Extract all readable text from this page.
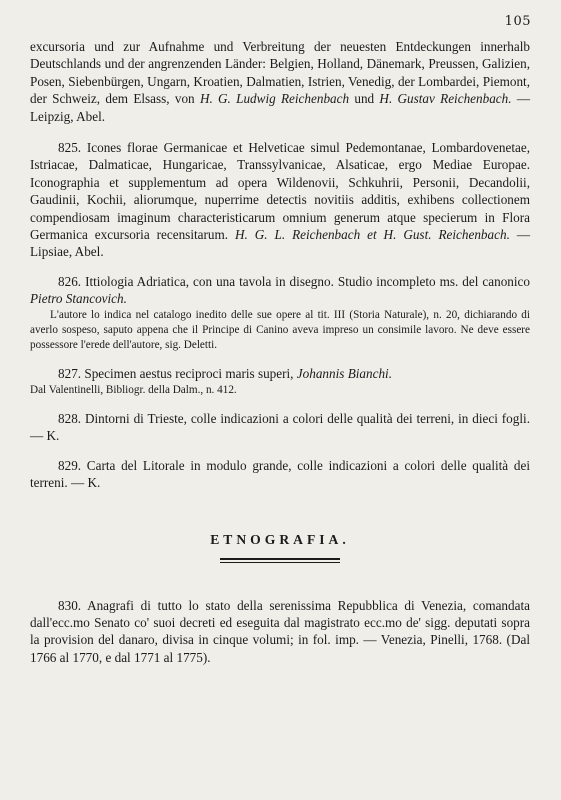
105

excursoria und zur Aufnahme und Verbreitung der neuesten Entdeckungen innerhalb Deutschlands und der angrenzenden Länder: Belgien, Holland, Dänemark, Preussen, Galizien, Posen, Siebenbürgen, Ungarn, Kroatien, Dalmatien, Istrien, Venedig, der Lombardei, Piemont, der Schweiz, dem Elsass, von H. G. Ludwig Reichenbach und H. Gustav Reichenbach. — Leipzig, Abel.

825. Icones florae Germanicae et Helveticae simul Pedemontanae, Lombardovenetae, Istriacae, Dalmaticae, Hungaricae, Transsylvanicae, Alsaticae, ergo Mediae Europae. Iconographia et supplementum ad opera Wildenovii, Schkuhrii, Personii, Decandolii, Gaudinii, Kochii, aliorumque, nuperrime detectis novitiis additis, exhibens collectionem compendiosam imaginum characteristicarum omnium generum atque specierum in Flora Germanica excursoria recensitarum. H. G. L. Reichenbach et H. Gust. Reichenbach. — Lipsiae, Abel.

826. Ittiologia Adriatica, con una tavola in disegno. Studio incompleto ms. del canonico Pietro Stancovich.

L'autore lo indica nel catalogo inedito delle sue opere al tit. III (Storia Naturale), n. 20, dichiarando di averlo sospeso, saputo appena che il Principe di Canino aveva impreso un consimile lavoro. Ne deve essere possessore l'erede dell'autore, sig. Deletti.

827. Specimen aestus reciproci maris superi, Johannis Bianchi.

Dal Valentinelli, Bibliogr. della Dalm., n. 412.

828. Dintorni di Trieste, colle indicazioni a colori delle qualità dei terreni, in dieci fogli. — K.

829. Carta del Litorale in modulo grande, colle indicazioni a colori delle qualità dei terreni. — K.

ETNOGRAFIA.

830. Anagrafi di tutto lo stato della serenissima Repubblica di Venezia, comandata dall'ecc.mo Senato co' suoi decreti ed eseguita dal magistrato ecc.mo de' sigg. deputati sopra la provision del danaro, divisa in cinque volumi; in fol. imp. — Venezia, Pinelli, 1768. (Dal 1766 al 1770, e dal 1771 al 1775).
